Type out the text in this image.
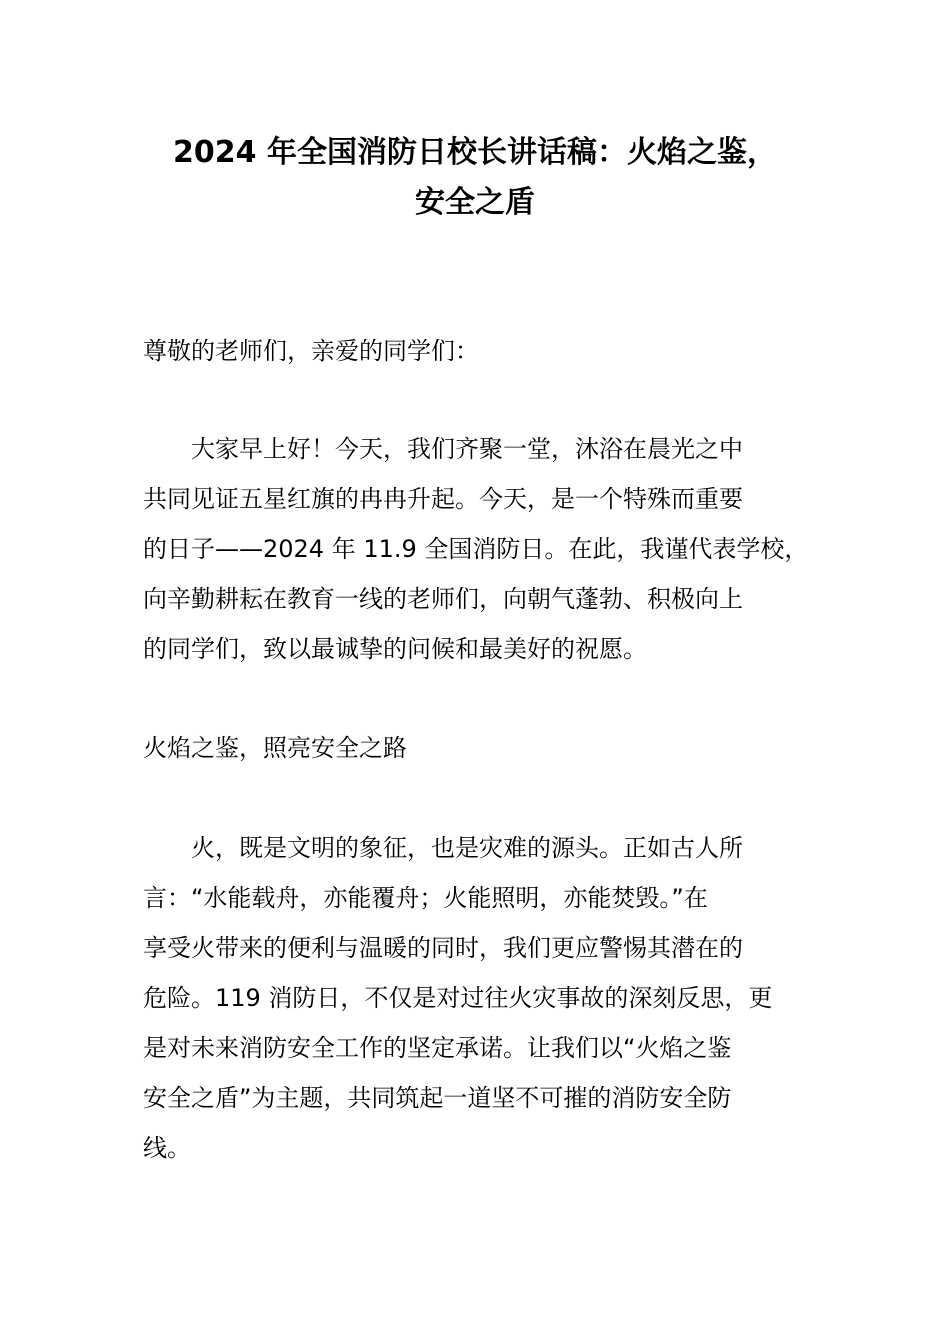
2024 年全国消防日校长讲话稿：火焰之鉴，
安全之盾
尊敬的老师们，亲爱的同学们：
　　大家早上好！今天，我们齐聚一堂，沐浴在晨光之中
共同见证五星红旗的冉冉升起。今天，是一个特殊而重要
的日子——2024 年 11.9 全国消防日。在此，我谨代表学校，
向辛勤耕耘在教育一线的老师们，向朝气蓬勃、积极向上
的同学们，致以最诚挚的问候和最美好的祝愿。
火焰之鉴，照亮安全之路
　　火，既是文明的象征，也是灾难的源头。正如古人所
言：“水能载舟，亦能覆舟；火能照明，亦能焚毁。”在
享受火带来的便利与温暖的同时，我们更应警惕其潜在的
危险。119 消防日，不仅是对过往火灾事故的深刻反思，更
是对未来消防安全工作的坚定承诺。让我们以“火焰之鉴
安全之盾”为主题，共同筑起一道坚不可摧的消防安全防
线。
